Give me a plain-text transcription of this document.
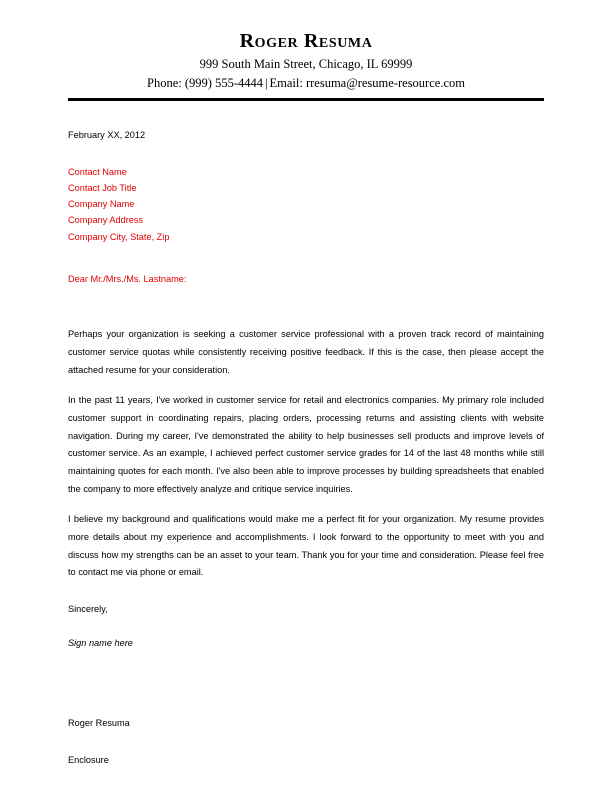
Roger Resuma
999 South Main Street, Chicago, IL 69999
Phone: (999) 555-4444 | Email: rresuma@resume-resource.com
February XX, 2012
Contact Name
Contact Job Title
Company Name
Company Address
Company City, State, Zip
Dear Mr./Mrs./Ms. Lastname:

Perhaps your organization is seeking a customer service professional with a proven track record of maintaining customer service quotas while consistently receiving positive feedback. If this is the case, then please accept the attached resume for your consideration.

In the past 11 years, I've worked in customer service for retail and electronics companies. My primary role included customer support in coordinating repairs, placing orders, processing returns and assisting clients with website navigation. During my career, I've demonstrated the ability to help businesses sell products and improve levels of customer service. As an example, I achieved perfect customer service grades for 14 of the last 48 months while still maintaining quotes for each month. I've also been able to improve processes by building spreadsheets that enabled the company to more effectively analyze and critique service inquiries.

I believe my background and qualifications would make me a perfect fit for your organization. My resume provides more details about my experience and accomplishments. I look forward to the opportunity to meet with you and discuss how my strengths can be an asset to your team. Thank you for your time and consideration. Please feel free to contact me via phone or email.

Sincerely,
Sign name here
Roger Resuma
Enclosure
